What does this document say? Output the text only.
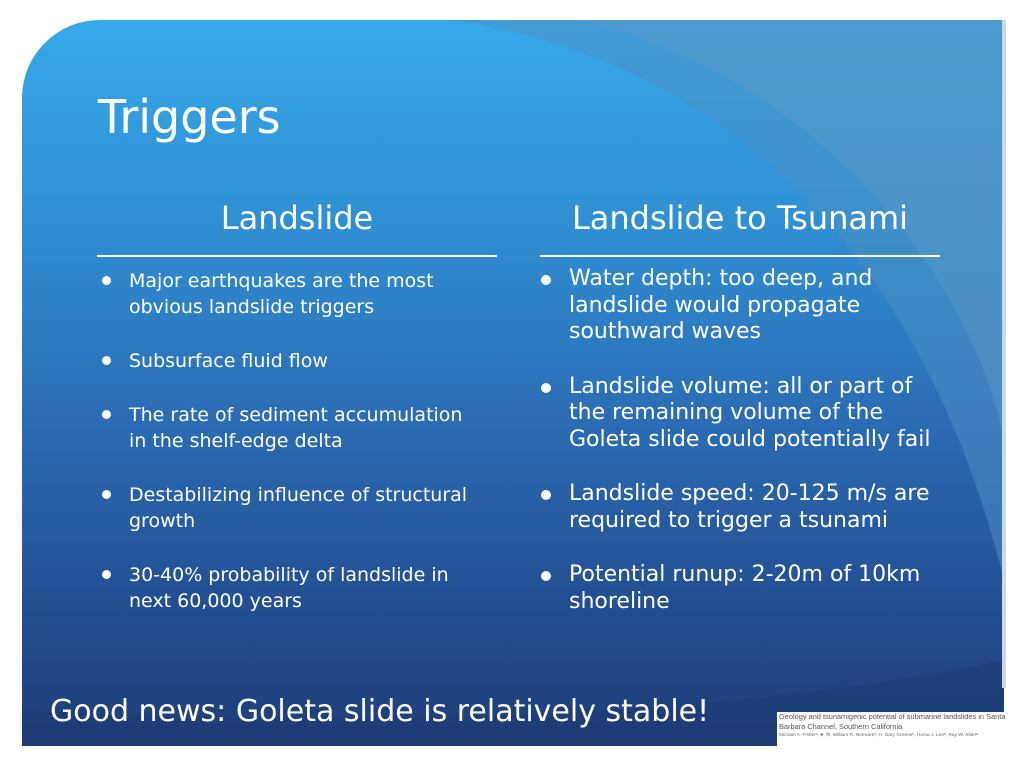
Triggers
Landslide	Landslide to Tsunami
Major earthquakes are the most obvious landslide triggers
Subsurface fluid flow
The rate of sediment accumulation in the shelf-edge delta
Destabilizing influence of structural growth
30-40% probability of landslide in next 60,000 years
Water depth: too deep, and landslide would propagate southward waves
Landslide volume: all or part of the remaining volume of the Goleta slide could potentially fail
Landslide speed: 20-125 m/s are required to trigger a tsunami
Potential runup: 2-20m of 10km shoreline

Good news: Goleta slide is relatively stable!	Geology and tsunamigenic potential of submarine landslides in Santa Barbara Channel, Southern California
Michael A. Fisherᵃ, ♣, ✉, William R. Normarkᵃ, H. Gary Greeneᵇ, Homa J. Leeᵃ, Ray W. Sliterᵃ
